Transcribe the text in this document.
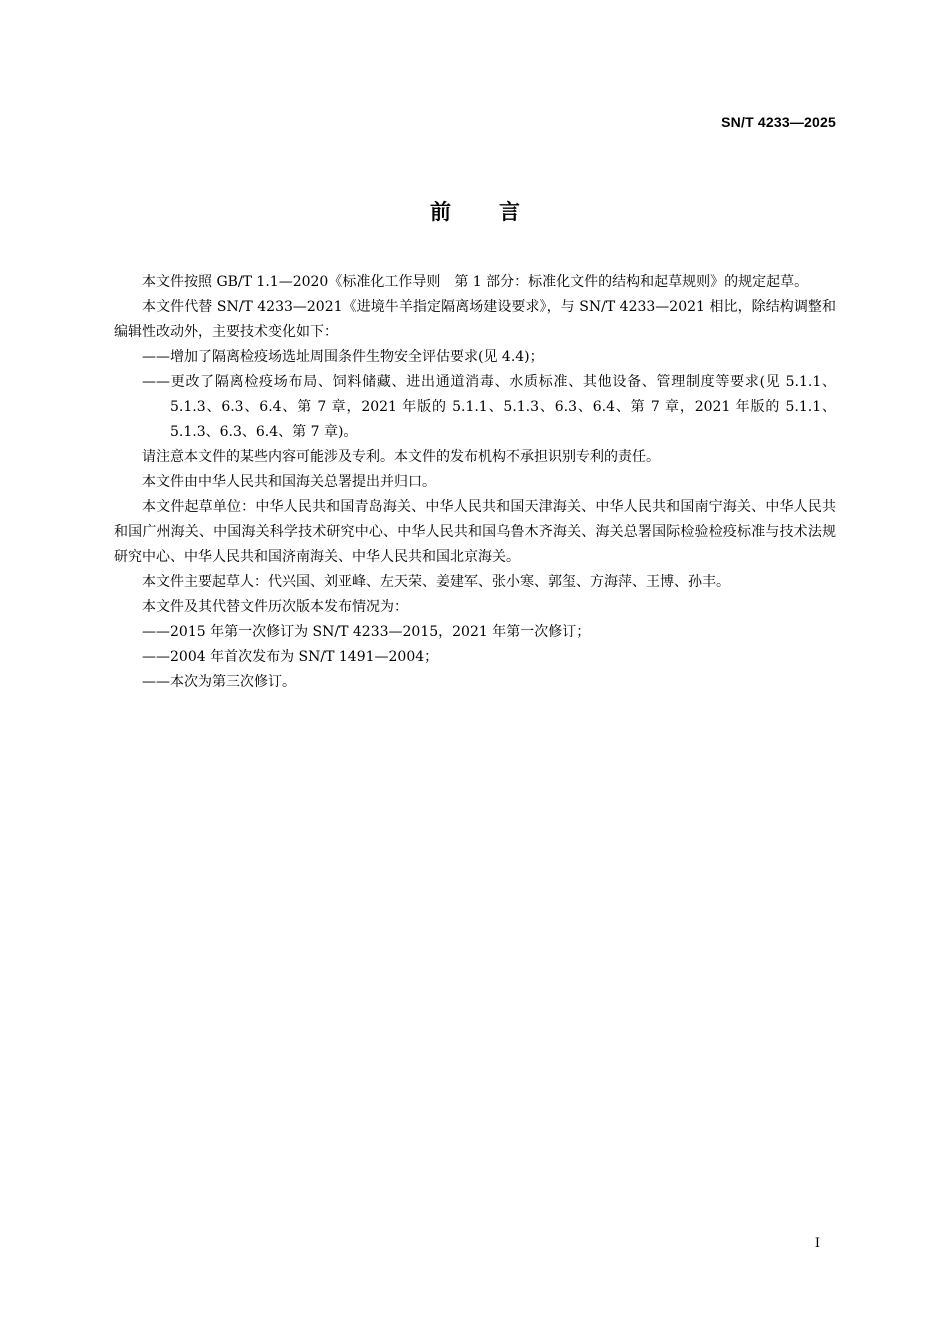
SN/T 4233—2025
前言

本文件按照 GB/T 1.1—2020《标准化工作导则　第 1 部分：标准化文件的结构和起草规则》的规定起草。

本文件代替 SN/T 4233—2021《进境牛羊指定隔离场建设要求》，与 SN/T 4233—2021 相比，除结构调整和编辑性改动外，主要技术变化如下：

——增加了隔离检疫场选址周围条件生物安全评估要求(见 4.4)；

——更改了隔离检疫场布局、饲料储藏、进出通道消毒、水质标准、其他设备、管理制度等要求(见 5.1.1、5.1.3、6.3、6.4、第 7 章，2021 年版的 5.1.1、5.1.3、6.3、6.4、第 7 章，2021 年版的 5.1.1、5.1.3、6.3、6.4、第 7 章)。

请注意本文件的某些内容可能涉及专利。本文件的发布机构不承担识别专利的责任。

本文件由中华人民共和国海关总署提出并归口。

本文件起草单位：中华人民共和国青岛海关、中华人民共和国天津海关、中华人民共和国南宁海关、中华人民共和国广州海关、中国海关科学技术研究中心、中华人民共和国乌鲁木齐海关、海关总署国际检验检疫标准与技术法规研究中心、中华人民共和国济南海关、中华人民共和国北京海关。

本文件主要起草人：代兴国、刘亚峰、左天荣、姜建军、张小寒、郭玺、方海萍、王博、孙丰。

本文件及其代替文件历次版本发布情况为：

——2015 年第一次修订为 SN/T 4233—2015，2021 年第一次修订；

——2004 年首次发布为 SN/T 1491—2004；

——本次为第三次修订。

I
